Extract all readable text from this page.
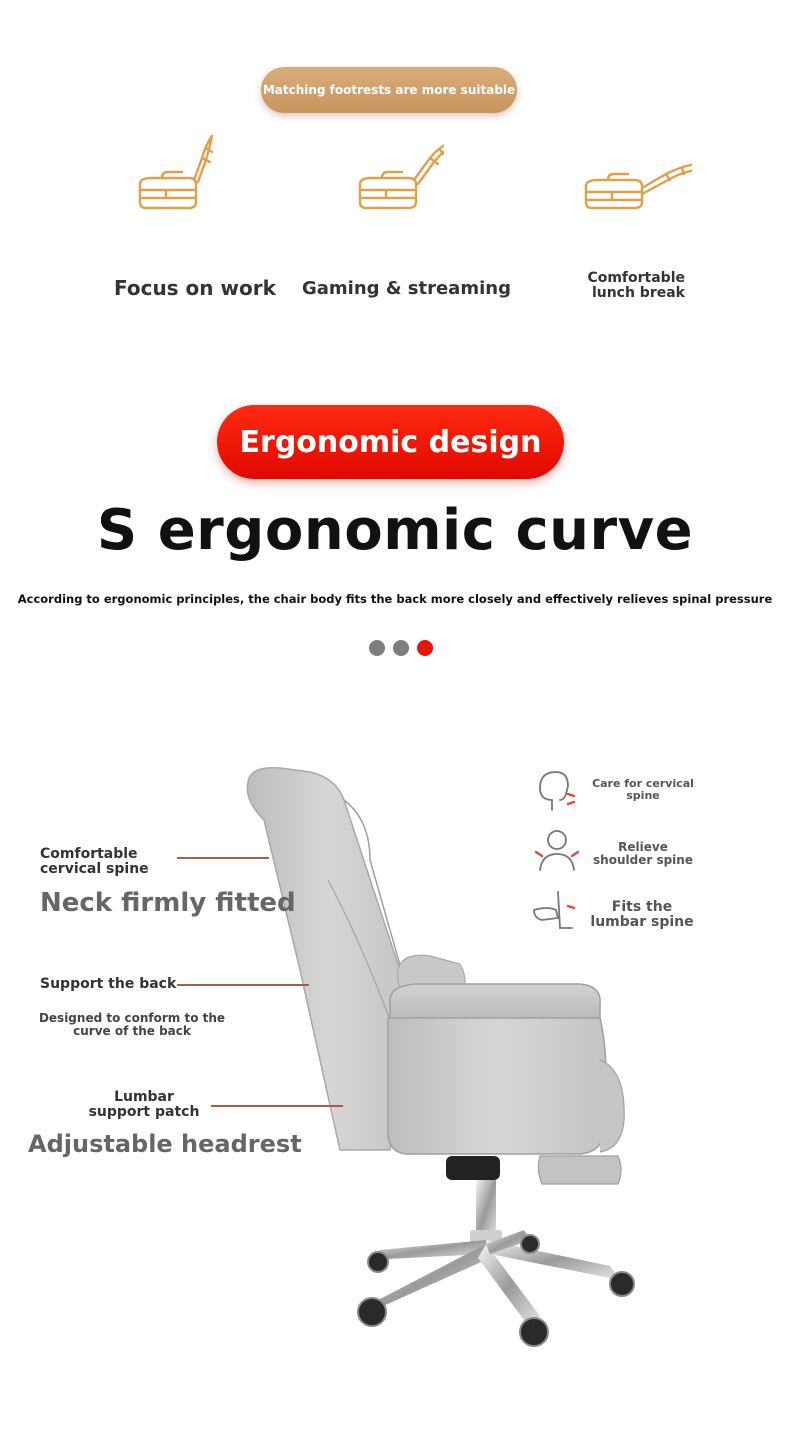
Matching footrests are more suitable
Focus on work Gaming & streaming	Comfortable lunch break
Ergonomic design
S ergonomic curve
According to ergonomic principles, the chair body fits the back more closely and effectively relieves spinal pressure
Comfortable cervical spine
Neck firmly fitted
Support the back
Designed to conform to the curve of the back
Lumbar support patch
Adjustable headrest
Care for cervical spine
Relieve shoulder spine
Fits the lumbar spine
